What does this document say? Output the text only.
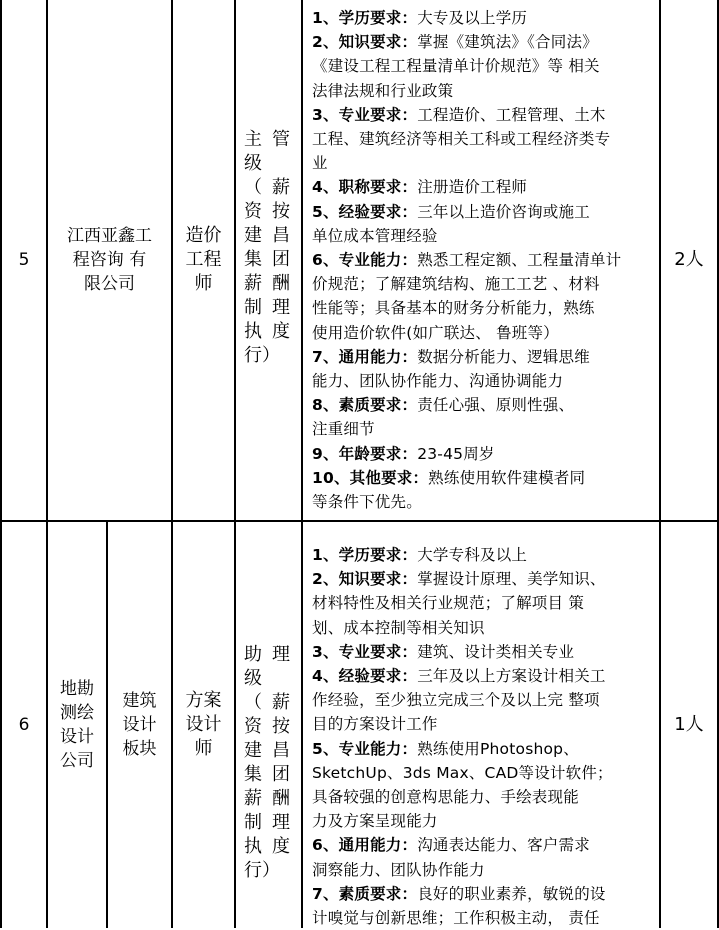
5
江西亚鑫工
程咨询 有
限公司
造价
工程
师
主
级
（
资
建
集
薪
制
执
行）
管
薪
按
昌
团
酬
理
度
1、学历要求：大专及以上学历
2、知识要求：掌握《建筑法》《合同法》
《建设工程工程量清单计价规范》等 相关
法律法规和行业政策
3、专业要求：工程造价、工程管理、土木
工程、建筑经济等相关工科或工程经济类专
业
4、职称要求：注册造价工程师
5、经验要求：三年以上造价咨询或施工
单位成本管理经验
6、专业能力：熟悉工程定额、工程量清单计
价规范；了解建筑结构、施工工艺 、材料
性能等；具备基本的财务分析能力，熟练
使用造价软件(如广联达、 鲁班等）
7、通用能力：数据分析能力、逻辑思维
能力、团队协作能力、沟通协调能力
8、素质要求：责任心强、原则性强、
注重细节
9、年龄要求：23-45周岁
10、其他要求：熟练使用软件建模者同
等条件下优先。
2人
6
地勘
测绘
设计
公司
建筑
设计
板块
方案
设计
师
助
级
（
资
建
集
薪
制
执
行）
理
薪
按
昌
团
酬
理
度
1、学历要求：大学专科及以上
2、知识要求：掌握设计原理、美学知识、
材料特性及相关行业规范；了解项目 策
划、成本控制等相关知识
3、专业要求：建筑、设计类相关专业
4、经验要求：三年及以上方案设计相关工
作经验，至少独立完成三个及以上完 整项
目的方案设计工作
5、专业能力：熟练使用Photoshop、
SketchUp、3ds Max、CAD等设计软件；
具备较强的创意构思能力、手绘表现能
力及方案呈现能力
6、通用能力：沟通表达能力、客户需求
洞察能力、团队协作能力
7、素质要求：良好的职业素养，敏锐的设
计嗅觉与创新思维；工作积极主动， 责任
1人
